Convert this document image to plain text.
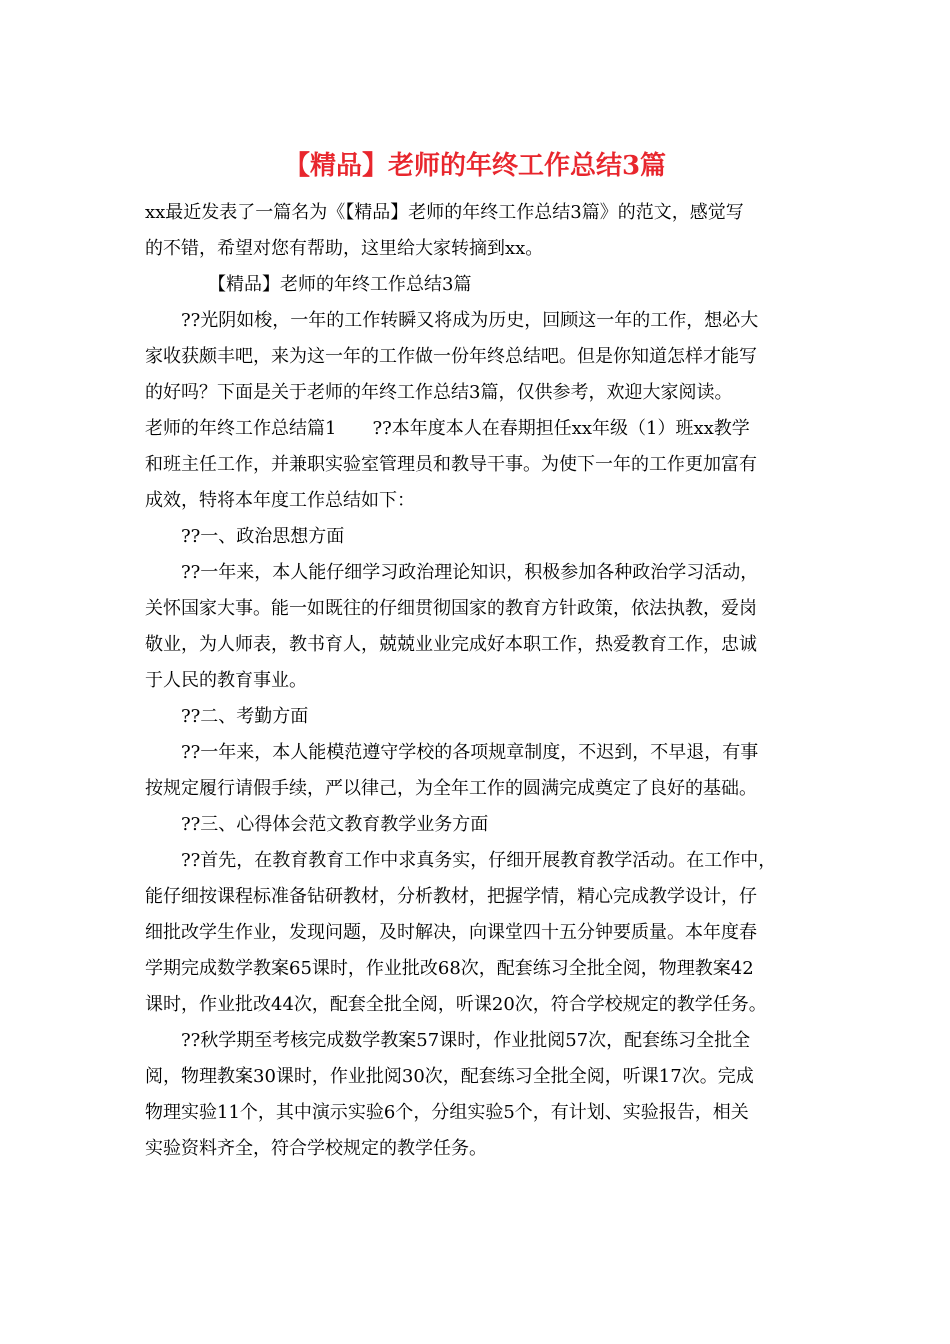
【精品】老师的年终工作总结3篇
xx最近发表了一篇名为《【精品】老师的年终工作总结3篇》的范文，感觉写
的不错，希望对您有帮助，这里给大家转摘到xx。
　　　　【精品】老师的年终工作总结3篇
　　??光阴如梭，一年的工作转瞬又将成为历史，回顾这一年的工作，想必大
家收获颇丰吧，来为这一年的工作做一份年终总结吧。但是你知道怎样才能写
的好吗？下面是关于老师的年终工作总结3篇，仅供参考，欢迎大家阅读。
老师的年终工作总结篇1　　??本年度本人在春期担任xx年级（1）班xx教学
和班主任工作，并兼职实验室管理员和教导干事。为使下一年的工作更加富有
成效，特将本年度工作总结如下：
　　??一、政治思想方面
　　??一年来，本人能仔细学习政治理论知识，积极参加各种政治学习活动，
关怀国家大事。能一如既往的仔细贯彻国家的教育方针政策，依法执教，爱岗
敬业，为人师表，教书育人，兢兢业业完成好本职工作，热爱教育工作，忠诚
于人民的教育事业。
　　??二、考勤方面
　　??一年来，本人能模范遵守学校的各项规章制度，不迟到，不早退，有事
按规定履行请假手续，严以律己，为全年工作的圆满完成奠定了良好的基础。
　　??三、心得体会范文教育教学业务方面
　　??首先，在教育教育工作中求真务实，仔细开展教育教学活动。在工作中，
能仔细按课程标准备钻研教材，分析教材，把握学情，精心完成教学设计，仔
细批改学生作业，发现问题，及时解决，向课堂四十五分钟要质量。本年度春
学期完成数学教案65课时，作业批改68次，配套练习全批全阅，物理教案42
课时，作业批改44次，配套全批全阅，听课20次，符合学校规定的教学任务。
　　??秋学期至考核完成数学教案57课时，作业批阅57次，配套练习全批全
阅，物理教案30课时，作业批阅30次，配套练习全批全阅，听课17次。完成
物理实验11个，其中演示实验6个，分组实验5个，有计划、实验报告，相关
实验资料齐全，符合学校规定的教学任务。
